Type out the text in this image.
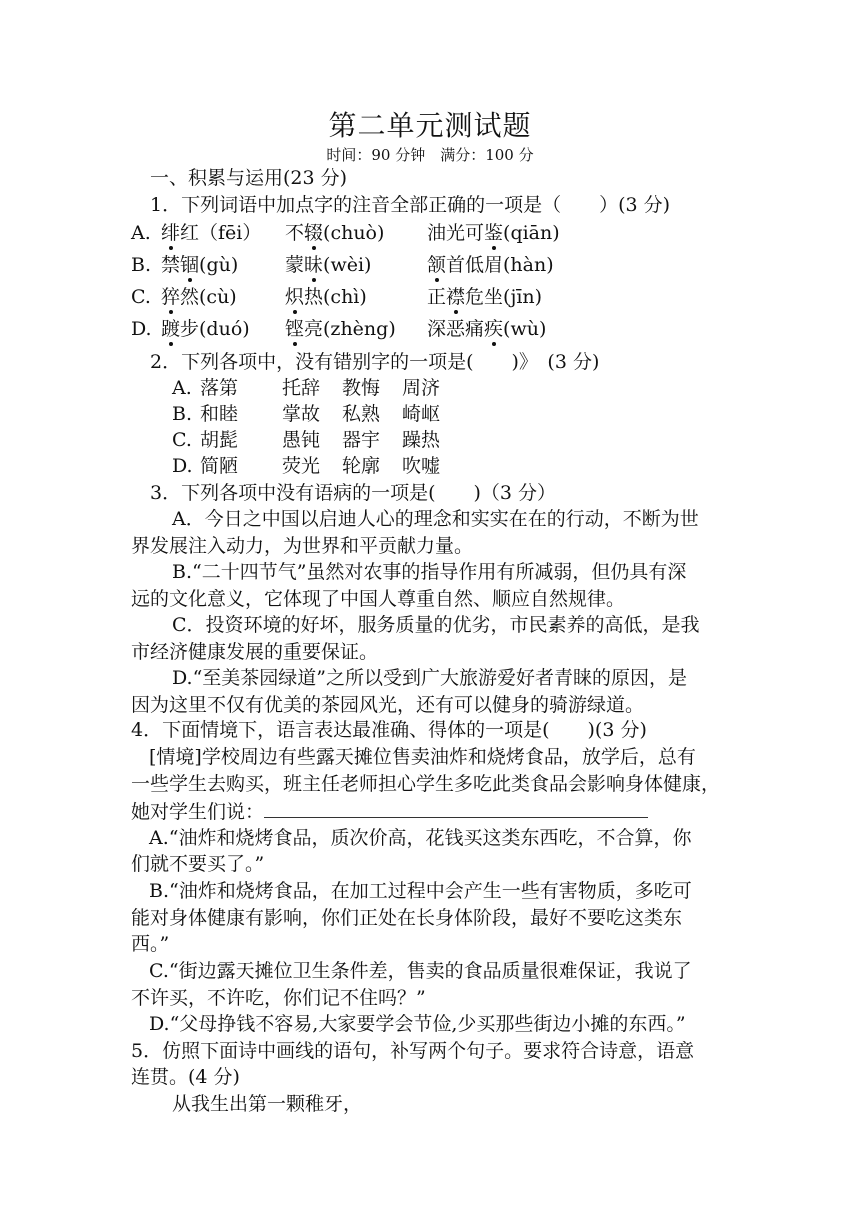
第二单元测试题
时间：90 分钟　满分：100 分
一、积累与运用(23 分)
1．下列词语中加点字的注音全部正确的一项是（　　）(3 分)
A. 绯红（fēi） 不辍(chuò) 油光可鉴(qiān)
B. 禁锢(gù) 蒙昧(wèi)	颔首低眉(hàn)
C. 猝然(cù)	炽热(chì)	正襟危坐(jīn)
D. 踱步(duó) 铿亮(zhèng) 深恶痛疾(wù)
2．下列各项中，没有错别字的一项是(　　)》　(3 分)
A. 落第 托辞 教悔 周济
B. 和睦 掌故 私熟 崎岖
C. 胡髭 愚钝 器宇 躁热
D. 简陋 荧光 轮廓 吹嘘
3．下列各项中没有语病的一项是(　　)（3 分）
A．今日之中国以启迪人心的理念和实实在在的行动，不断为世
界发展注入动力，为世界和平贡献力量。
B.“二十四节气”虽然对农事的指导作用有所减弱，但仍具有深
远的文化意义，它体现了中国人尊重自然、顺应自然规律。
C．投资环境的好坏，服务质量的优劣，市民素养的高低，是我
市经济健康发展的重要保证。
D.“至美茶园绿道”之所以受到广大旅游爱好者青睐的原因，是
因为这里不仅有优美的茶园风光，还有可以健身的骑游绿道。
4．下面情境下，语言表达最准确、得体的一项是(　　)(3 分)
[情境]学校周边有些露天摊位售卖油炸和烧烤食品，放学后，总有
一些学生去购买，班主任老师担心学生多吃此类食品会影响身体健康，
她对学生们说：
A.“油炸和烧烤食品，质次价高，花钱买这类东西吃，不合算，你
们就不要买了。”
B.“油炸和烧烤食品，在加工过程中会产生一些有害物质，多吃可
能对身体健康有影响，你们正处在长身体阶段，最好不要吃这类东
西。”
C.“街边露天摊位卫生条件差，售卖的食品质量很难保证，我说了
不许买，不许吃，你们记不住吗？”
D.“父母挣钱不容易,大家要学会节俭,少买那些街边小摊的东西。”
5．仿照下面诗中画线的语句，补写两个句子。要求符合诗意，语意
连贯。(4 分)
从我生出第一颗稚牙，
